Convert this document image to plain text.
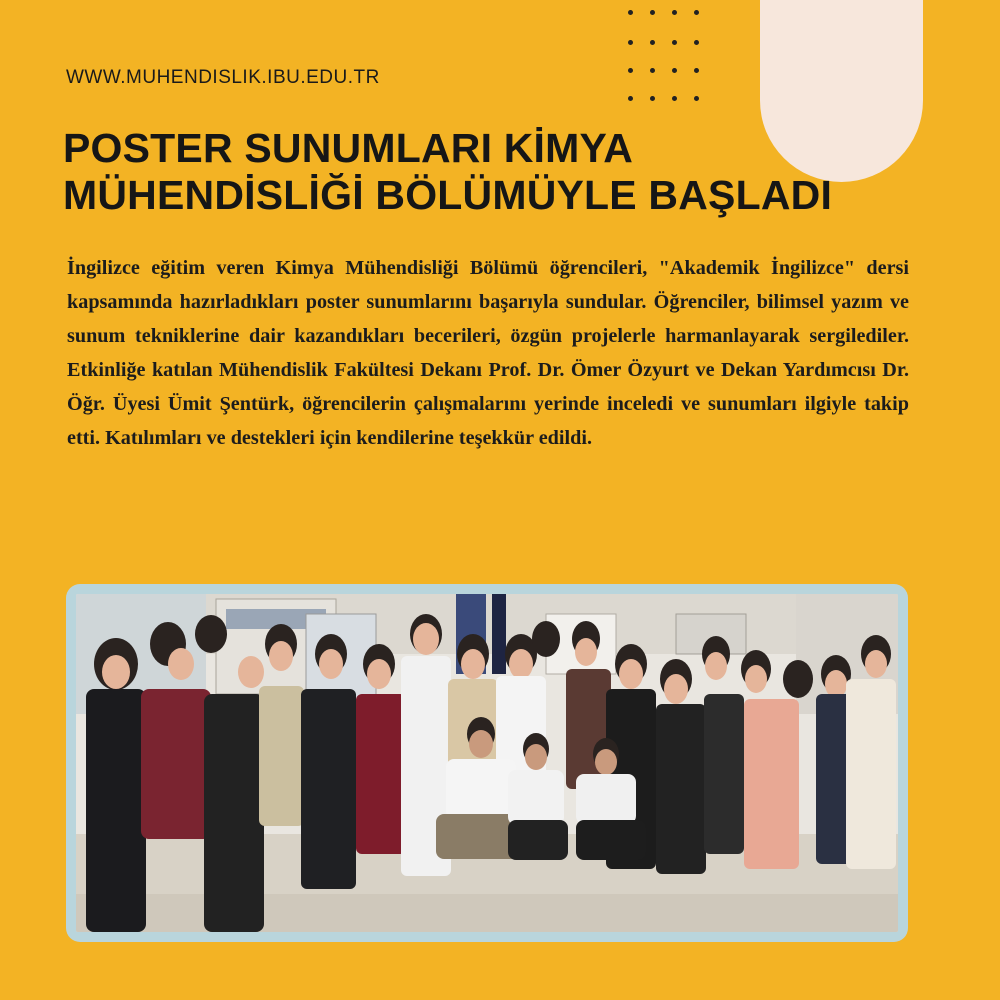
WWW.MUHENDISLIK.IBU.EDU.TR
POSTER SUNUMLARI KİMYA
MÜHENDİSLİĞİ BÖLÜMÜYLE BAŞLADI
İngilizce eğitim veren Kimya Mühendisliği Bölümü öğrencileri, "Akademik İngilizce" dersi kapsamında hazırladıkları poster sunumlarını başarıyla sundular. Öğrenciler, bilimsel yazım ve sunum tekniklerine dair kazandıkları becerileri, özgün projelerle harmanlayarak sergilediler. Etkinliğe katılan Mühendislik Fakültesi Dekanı Prof. Dr. Ömer Özyurt ve Dekan Yardımcısı Dr. Öğr. Üyesi Ümit Şentürk, öğrencilerin çalışmalarını yerinde inceledi ve sunumları ilgiyle takip etti. Katılımları ve destekleri için kendilerine teşekkür edildi.
